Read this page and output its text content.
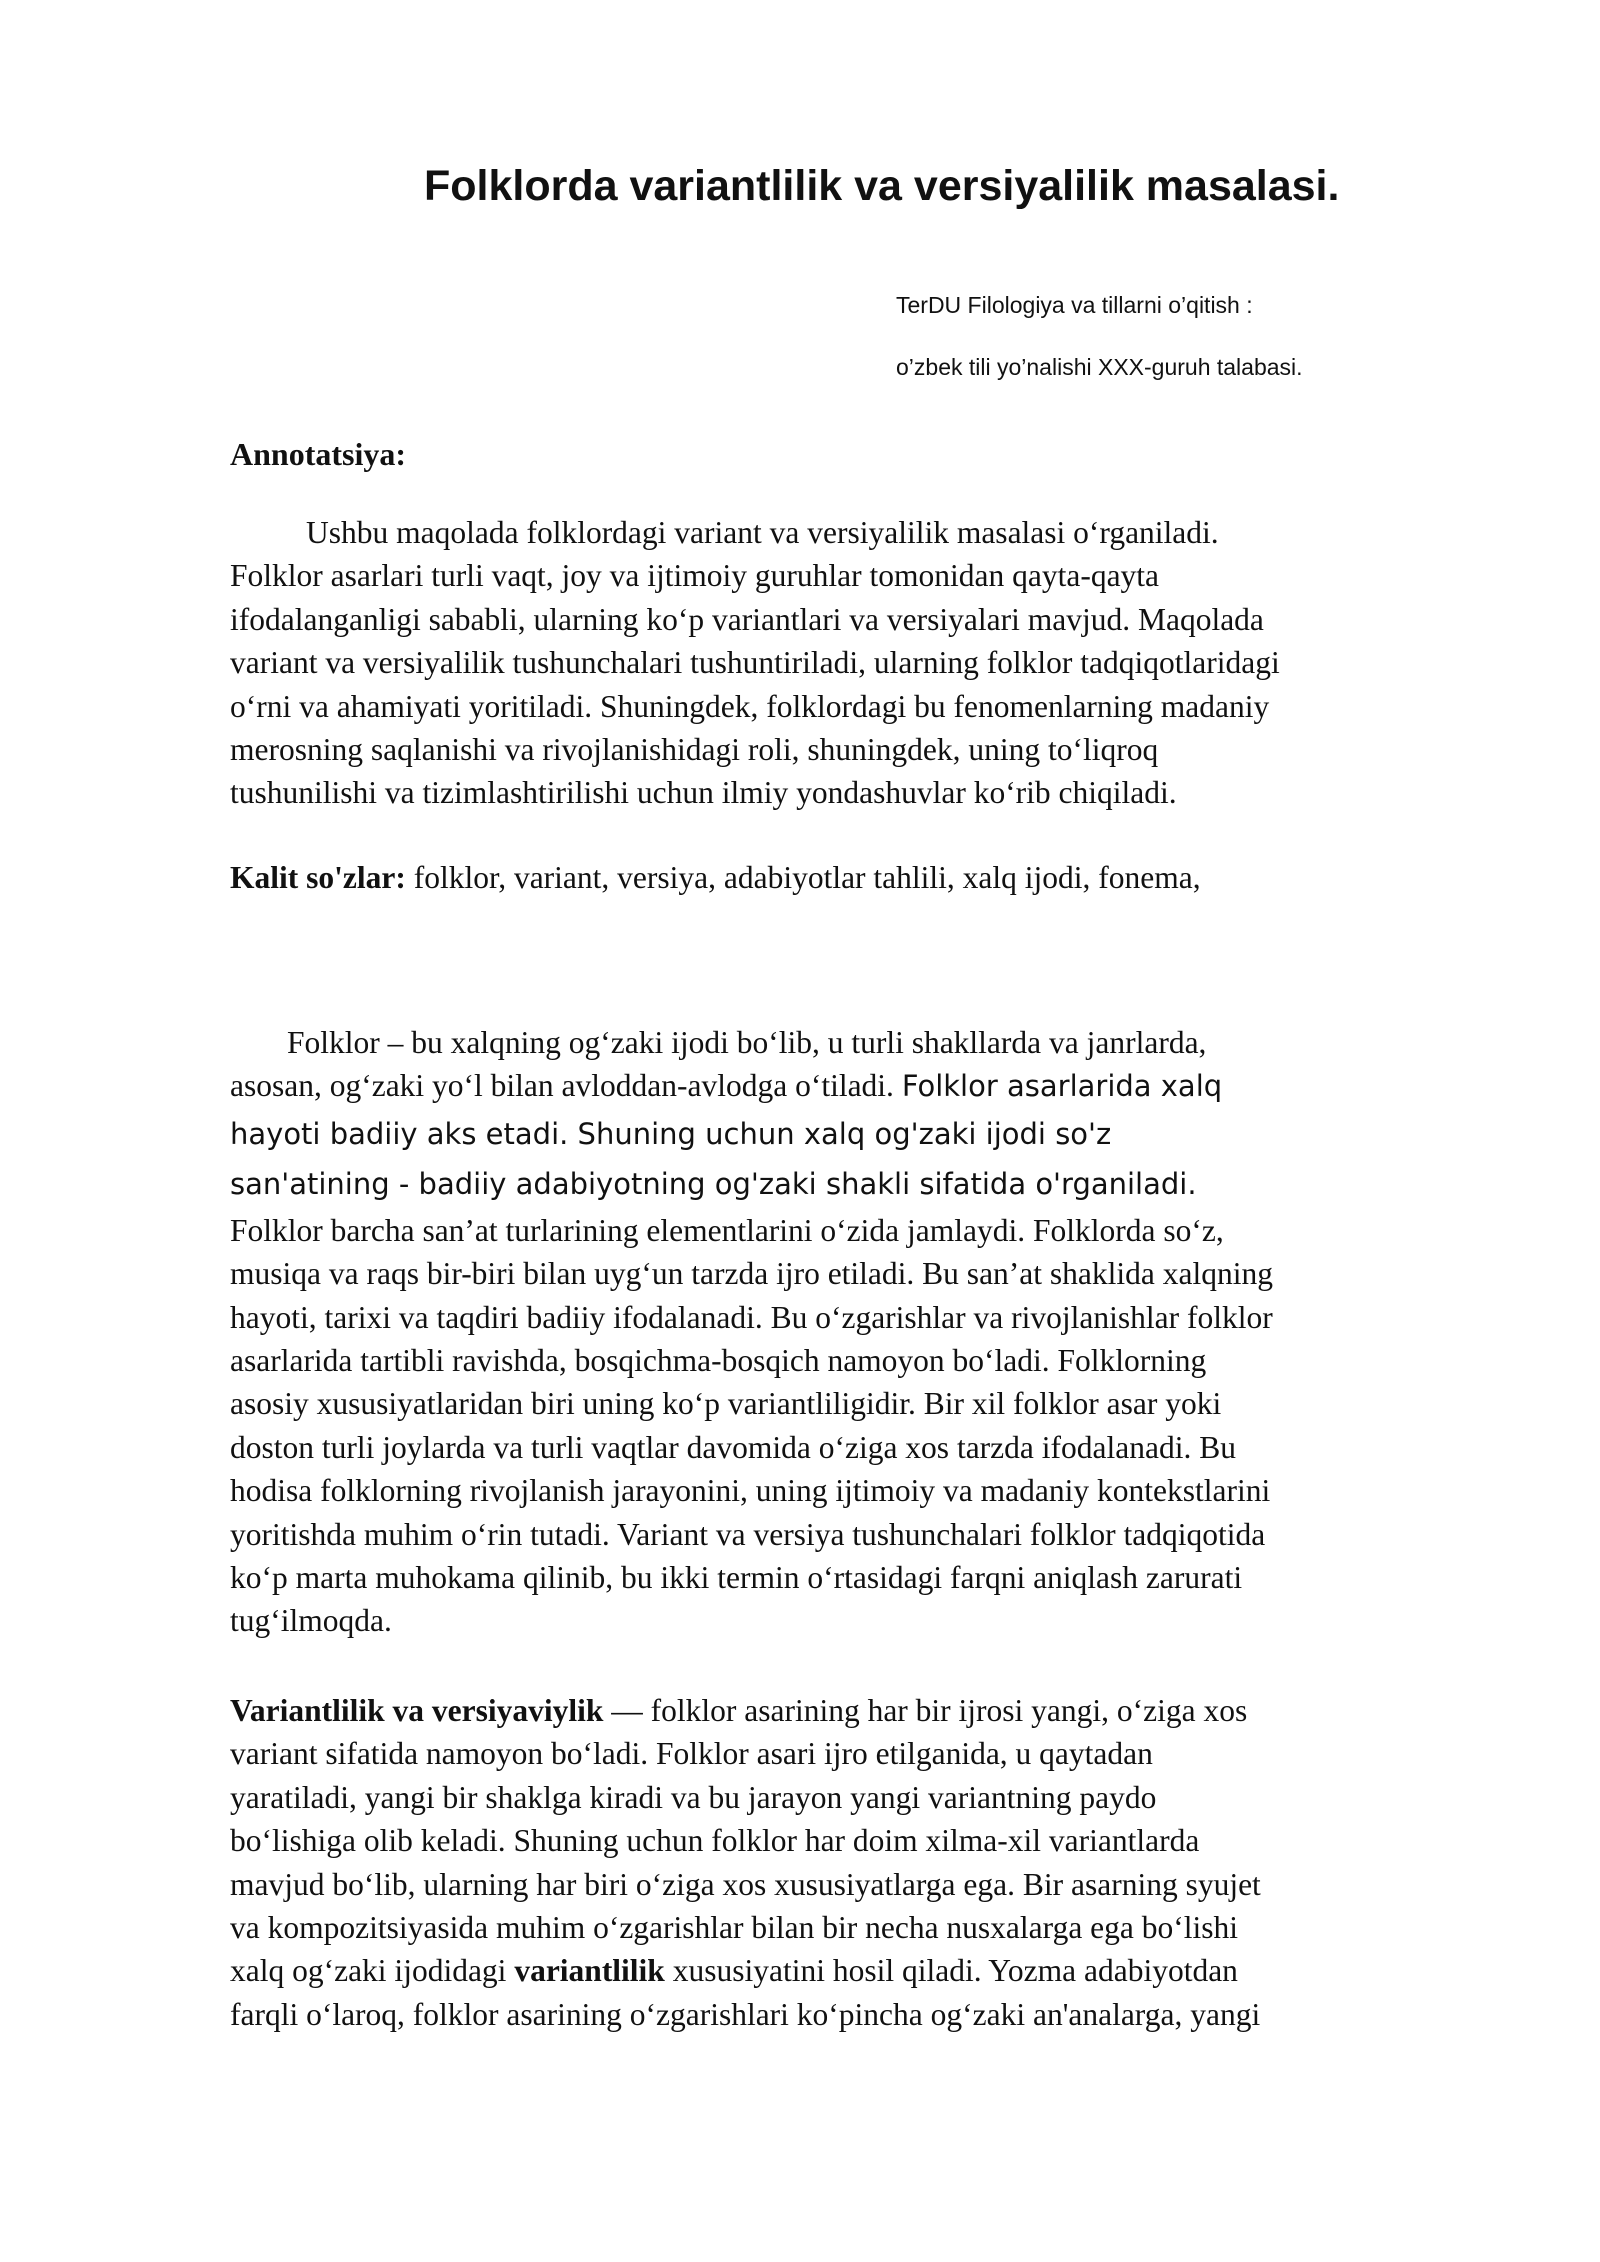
Folklorda variantlilik va versiyalilik masalasi.
TerDU Filologiya va tillarni o’qitish :
o’zbek tili yo’nalishi XXX-guruh talabasi.
Annotatsiya:
Ushbu maqolada folklordagi variant va versiyalilik masalasi o‘rganiladi.
Folklor asarlari turli vaqt, joy va ijtimoiy guruhlar tomonidan qayta-qayta
ifodalanganligi sababli, ularning ko‘p variantlari va versiyalari mavjud. Maqolada
variant va versiyalilik tushunchalari tushuntiriladi, ularning folklor tadqiqotlaridagi
o‘rni va ahamiyati yoritiladi. Shuningdek, folklordagi bu fenomenlarning madaniy
merosning saqlanishi va rivojlanishidagi roli, shuningdek, uning to‘liqroq
tushunilishi va tizimlashtirilishi uchun ilmiy yondashuvlar ko‘rib chiqiladi.
Kalit so'zlar: folklor, variant, versiya, adabiyotlar tahlili, xalq ijodi, fonema,
Folklor – bu xalqning og‘zaki ijodi bo‘lib, u turli shakllarda va janrlarda,
asosan, og‘zaki yo‘l bilan avloddan-avlodga o‘tiladi. Folklor asarlarida xalq
hayoti badiiy aks etadi. Shuning uchun xalq og'zaki ijodi so'z
san'atining - badiiy adabiyotning og'zaki shakli sifatida o'rganiladi.
Folklor barcha san’at turlarining elementlarini o‘zida jamlaydi. Folklorda so‘z,
musiqa va raqs bir-biri bilan uyg‘un tarzda ijro etiladi. Bu san’at shaklida xalqning
hayoti, tarixi va taqdiri badiiy ifodalanadi. Bu o‘zgarishlar va rivojlanishlar folklor
asarlarida tartibli ravishda, bosqichma-bosqich namoyon bo‘ladi. Folklorning
asosiy xususiyatlaridan biri uning ko‘p variantliligidir. Bir xil folklor asar yoki
doston turli joylarda va turli vaqtlar davomida o‘ziga xos tarzda ifodalanadi. Bu
hodisa folklorning rivojlanish jarayonini, uning ijtimoiy va madaniy kontekstlarini
yoritishda muhim o‘rin tutadi. Variant va versiya tushunchalari folklor tadqiqotida
ko‘p marta muhokama qilinib, bu ikki termin o‘rtasidagi farqni aniqlash zarurati
tug‘ilmoqda.
Variantlilik va versiyaviylik — folklor asarining har bir ijrosi yangi, o‘ziga xos
variant sifatida namoyon bo‘ladi. Folklor asari ijro etilganida, u qaytadan
yaratiladi, yangi bir shaklga kiradi va bu jarayon yangi variantning paydo
bo‘lishiga olib keladi. Shuning uchun folklor har doim xilma-xil variantlarda
mavjud bo‘lib, ularning har biri o‘ziga xos xususiyatlarga ega. Bir asarning syujet
va kompozitsiyasida muhim o‘zgarishlar bilan bir necha nusxalarga ega bo‘lishi
xalq og‘zaki ijodidagi variantlilik xususiyatini hosil qiladi. Yozma adabiyotdan
farqli o‘laroq, folklor asarining o‘zgarishlari ko‘pincha og‘zaki an'analarga, yangi
